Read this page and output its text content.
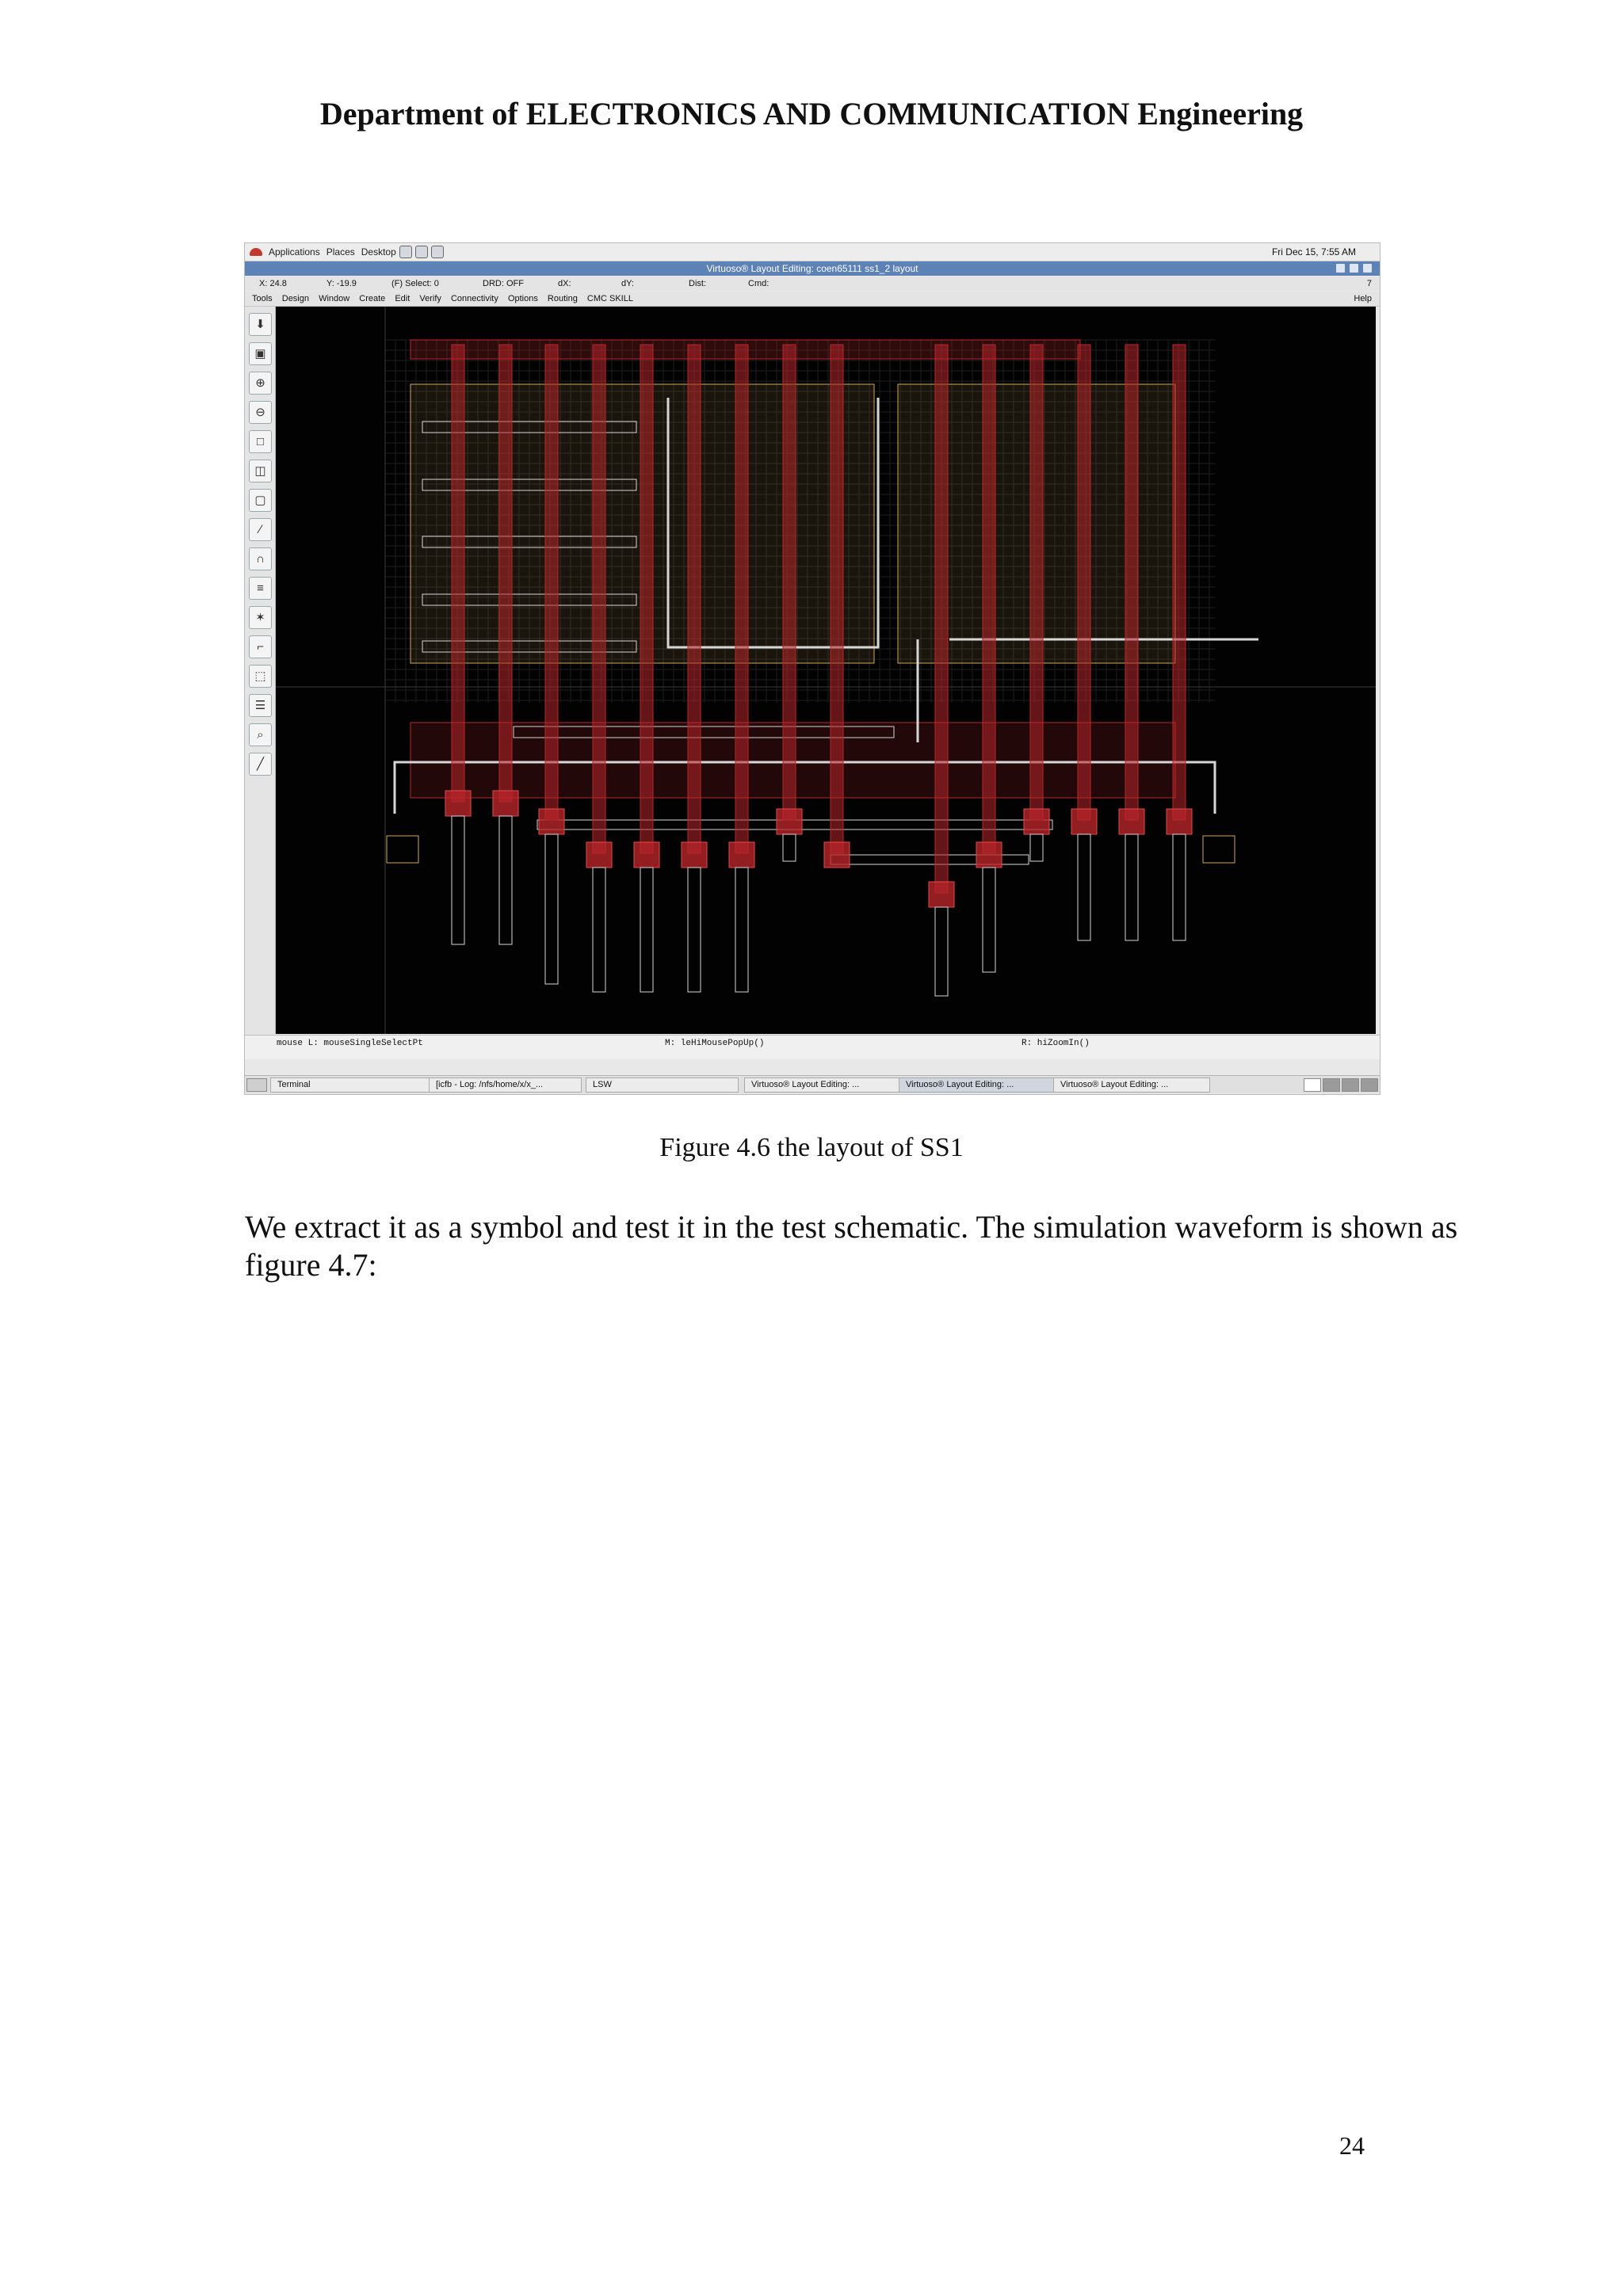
Department of ELECTRONICS AND COMMUNICATION Engineering
Applications Places Desktop	Fri Dec 15, 7:55 AM
Virtuoso® Layout Editing: coen65111 ss1_2 layout
X: 24.8	Y: -19.9	(F) Select: 0	DRD: OFF	dX:	dY:	Dist:	Cmd:	7
Tools Design Window Create Edit Verify Connectivity Options Routing CMC SKILL	Help
⬇
▣
⊕
⊖
□
◫
▢
∕
∩
≡
✶
⌐
⬚
☰
⌕
╱
mouse L: mouseSingleSelectPt	M: leHiMousePopUp()	R: hiZoomIn()
Terminal	[icfb - Log: /nfs/home/x/x_...	LSW	Virtuoso® Layout Editing: ...	Virtuoso® Layout Editing: ...	Virtuoso® Layout Editing: ...
Figure 4.6 the layout of SS1
We extract it as a symbol and test it in the test schematic. The simulation waveform is shown as figure 4.7:
24
